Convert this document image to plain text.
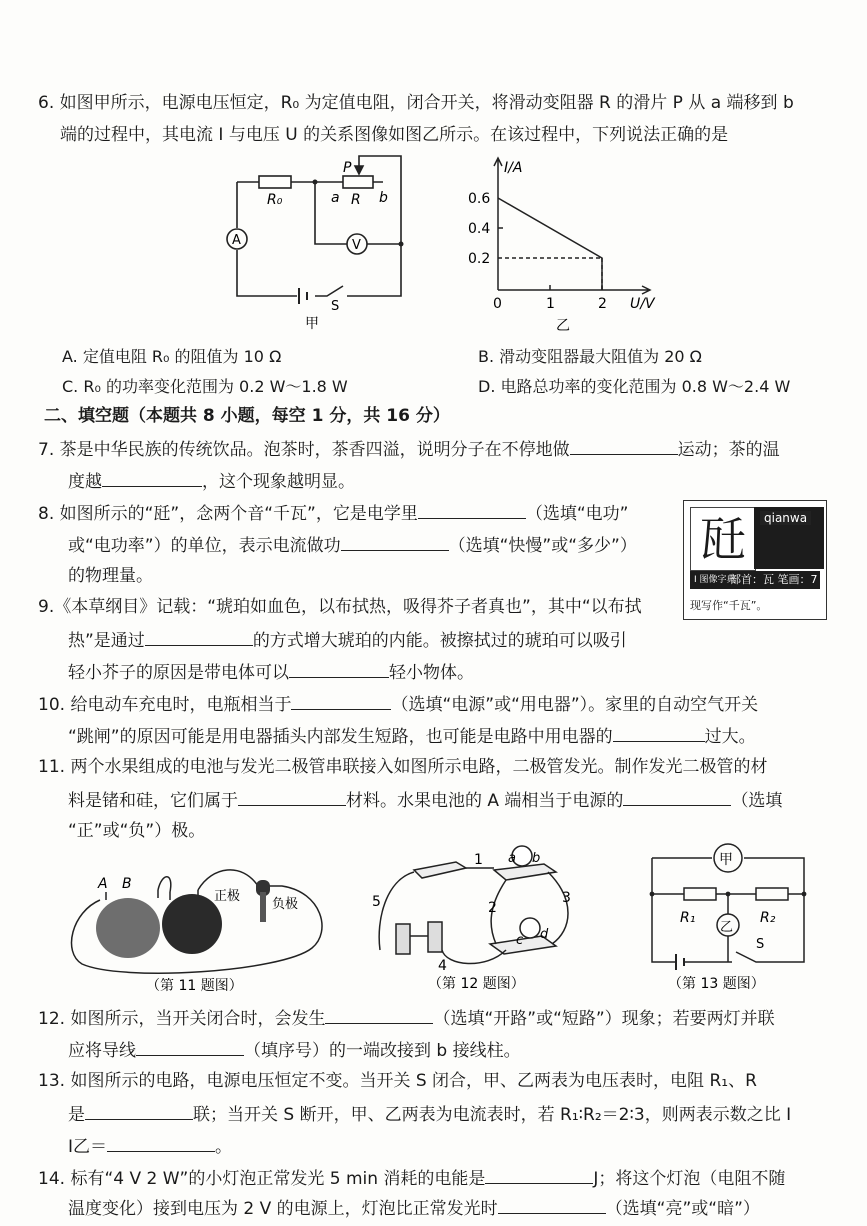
6. 如图甲所示，电源电压恒定，R₀ 为定值电阻，闭合开关，将滑动变阻器 R 的滑片 P 从 a 端移到 b
端的过程中，其电流 I 与电压 U 的关系图像如图乙所示。在该过程中，下列说法正确的是
A	V
R₀	R
P
a	b
S
甲
I/A
U/V
0.6
0.4
0.2
0	1	2
乙
A. 定值电阻 R₀ 的阻值为 10 Ω	B. 滑动变阻器最大阻值为 20 Ω
C. R₀ 的功率变化范围为 0.2 W～1.8 W	D. 电路总功率的变化范围为 0.8 W～2.4 W
二、填空题（本题共 8 小题，每空 1 分，共 16 分）
7. 茶是中华民族的传统饮品。泡茶时，茶香四溢，说明分子在不停地做	运动；茶的温
度越	，这个现象越明显。
8. 如图所示的“瓩”，念两个音“千瓦”，它是电学里	（选填“电功”
或“电功率”）的单位，表示电流做功	（选填“快慢”或“多少”）
的物理量。
瓩	qianwa
I 图像字典
部首：瓦 笔画：7
现写作“千瓦”。
9.《本草纲目》记载：“琥珀如血色，以布拭热，吸得芥子者真也”，其中“以布拭
热”是通过	的方式增大琥珀的内能。被擦拭过的琥珀可以吸引
轻小芥子的原因是带电体可以	轻小物体。
10. 给电动车充电时，电瓶相当于	（选填“电源”或“用电器”）。家里的自动空气开关
“跳闸”的原因可能是用电器插头内部发生短路，也可能是电路中用电器的	过大。
11. 两个水果组成的电池与发光二极管串联接入如图所示电路，二极管发光。制作发光二极管的材
料是锗和硅，它们属于	材料。水果电池的 A 端相当于电源的	（选填
“正”或“负”）极。
A B
正极
负极
（第 11 题图）
1
2
3
4
5
a b
c d
（第 12 题图）
甲
乙
R₁	R₂
S
（第 13 题图）
12. 如图所示，当开关闭合时，会发生	（选填“开路”或“短路”）现象；若要两灯并联
应将导线	（填序号）的一端改接到 b 接线柱。
13. 如图所示的电路，电源电压恒定不变。当开关 S 闭合，甲、乙两表为电压表时，电阻 R₁、R
是	联；当开关 S 断开，甲、乙两表为电流表时，若 R₁∶R₂＝2∶3，则两表示数之比 I
I乙＝	。
14. 标有“4 V 2 W”的小灯泡正常发光 5 min 消耗的电能是	J；将这个灯泡（电阻不随
温度变化）接到电压为 2 V 的电源上，灯泡比正常发光时	（选填“亮”或“暗”）
